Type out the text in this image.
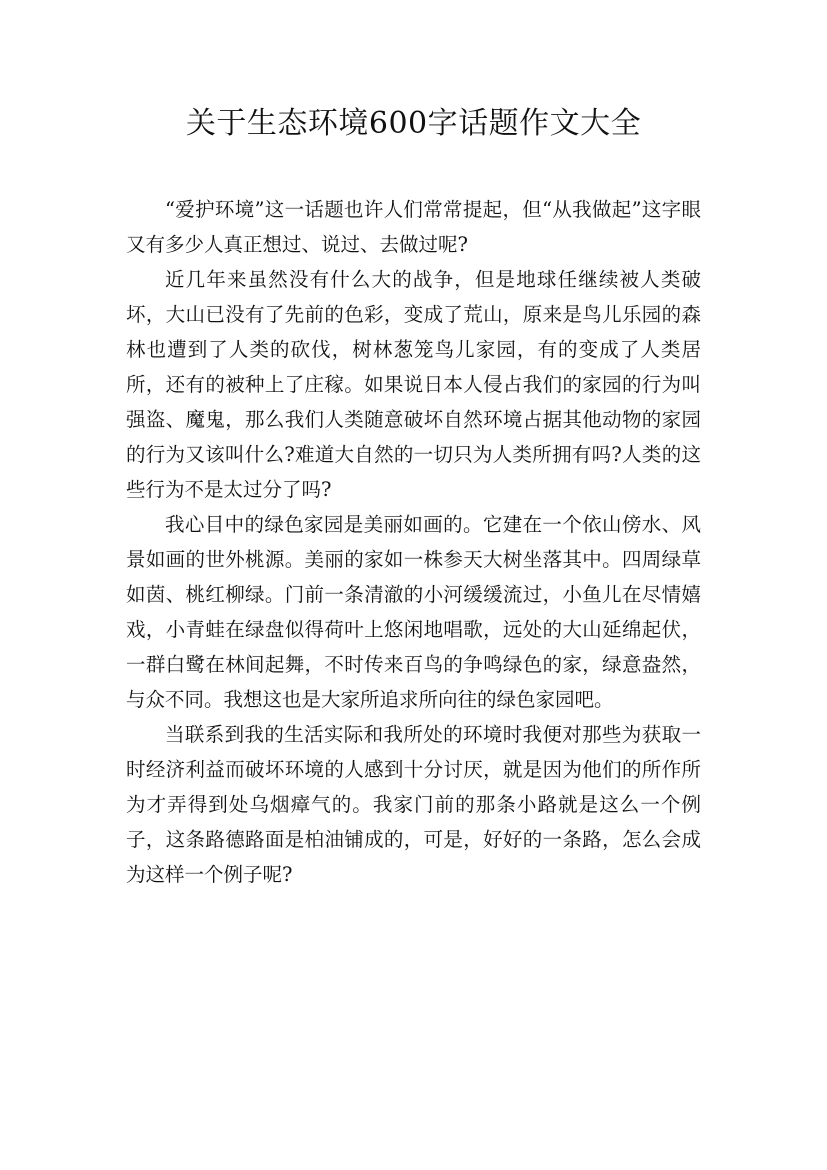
关于生态环境600字话题作文大全

“爱护环境”这一话题也许人们常常提起，但“从我做起”这字眼又有多少人真正想过、说过、去做过呢?

近几年来虽然没有什么大的战争，但是地球任继续被人类破坏，大山已没有了先前的色彩，变成了荒山，原来是鸟儿乐园的森林也遭到了人类的砍伐，树林葱笼鸟儿家园，有的变成了人类居所，还有的被种上了庄稼。如果说日本人侵占我们的家园的行为叫强盗、魔鬼，那么我们人类随意破坏自然环境占据其他动物的家园的行为又该叫什么?难道大自然的一切只为人类所拥有吗?人类的这些行为不是太过分了吗?

我心目中的绿色家园是美丽如画的。它建在一个依山傍水、风景如画的世外桃源。美丽的家如一株参天大树坐落其中。四周绿草如茵、桃红柳绿。门前一条清澈的小河缓缓流过，小鱼儿在尽情嬉戏，小青蛙在绿盘似得荷叶上悠闲地唱歌，远处的大山延绵起伏，一群白鹭在林间起舞，不时传来百鸟的争鸣绿色的家，绿意盎然，与众不同。我想这也是大家所追求所向往的绿色家园吧。

当联系到我的生活实际和我所处的环境时我便对那些为获取一时经济利益而破坏环境的人感到十分讨厌，就是因为他们的所作所为才弄得到处乌烟瘴气的。我家门前的那条小路就是这么一个例子，这条路德路面是柏油铺成的，可是，好好的一条路，怎么会成为这样一个例子呢?
